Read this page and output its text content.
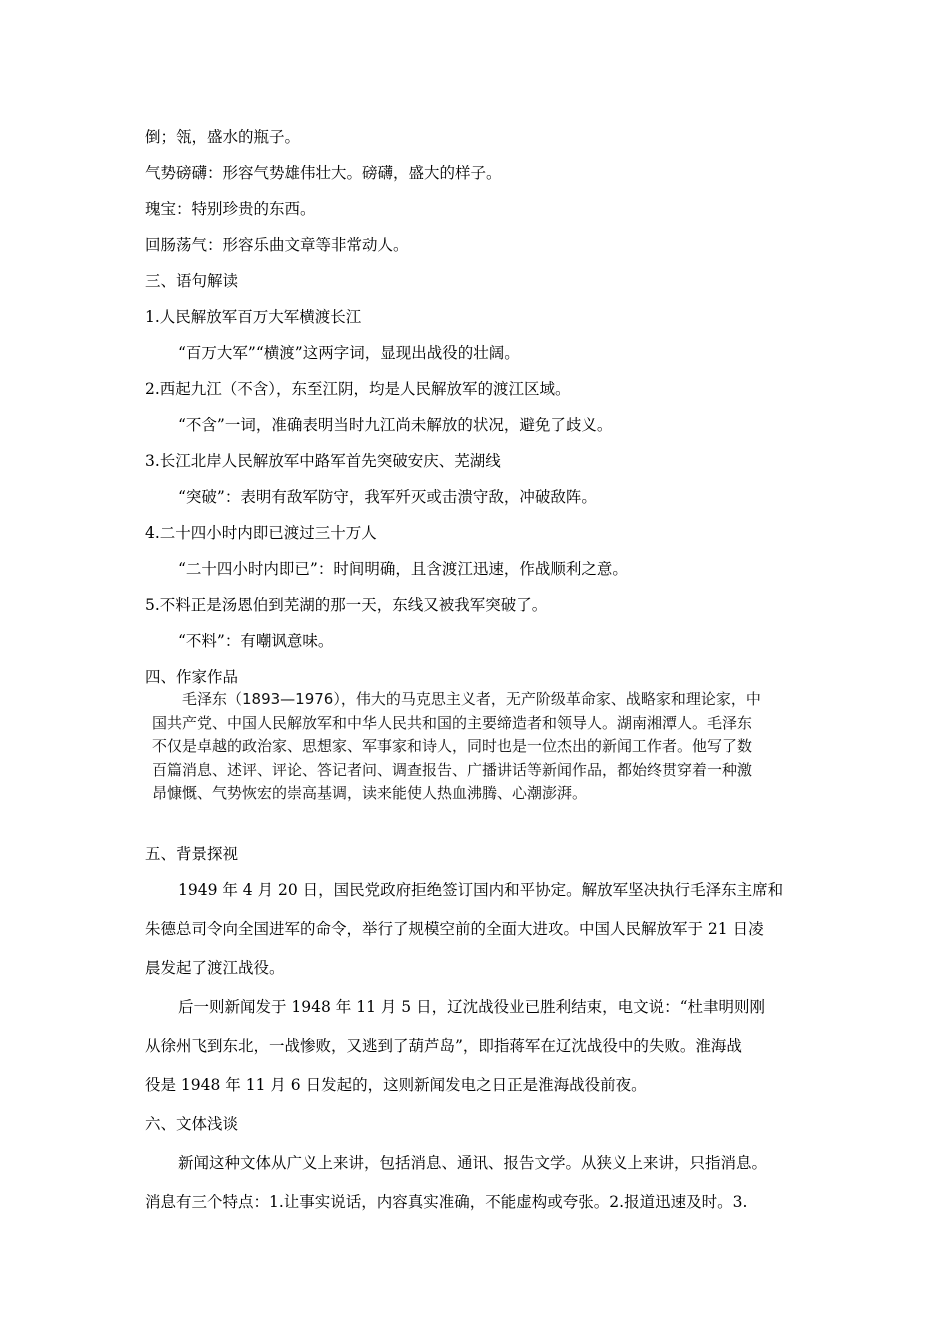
倒；瓴，盛水的瓶子。
气势磅礴：形容气势雄伟壮大。磅礴，盛大的样子。
瑰宝：特别珍贵的东西。
回肠荡气：形容乐曲文章等非常动人。
三、语句解读
1.人民解放军百万大军横渡长江
“百万大军”“横渡”这两字词，显现出战役的壮阔。
2.西起九江（不含），东至江阴，均是人民解放军的渡江区域。
“不含”一词，准确表明当时九江尚未解放的状况，避免了歧义。
3.长江北岸人民解放军中路军首先突破安庆、芜湖线
“突破”：表明有敌军防守，我军歼灭或击溃守敌，冲破敌阵。
4.二十四小时内即已渡过三十万人
“二十四小时内即已”：时间明确，且含渡江迅速，作战顺利之意。
5.不料正是汤恩伯到芜湖的那一天，东线又被我军突破了。
“不料”：有嘲讽意味。
四、作家作品

毛泽东（1893—1976），伟大的马克思主义者，无产阶级革命家、战略家和理论家，中

国共产党、中国人民解放军和中华人民共和国的主要缔造者和领导人。湖南湘潭人。毛泽东

不仅是卓越的政治家、思想家、军事家和诗人，同时也是一位杰出的新闻工作者。他写了数

百篇消息、述评、评论、答记者问、调查报告、广播讲话等新闻作品，都始终贯穿着一种激

昂慷慨、气势恢宏的崇高基调，读来能使人热血沸腾、心潮澎湃。

五、背景探视
1949 年 4 月 20 日，国民党政府拒绝签订国内和平协定。解放军坚决执行毛泽东主席和
朱德总司令向全国进军的命令，举行了规模空前的全面大进攻。中国人民解放军于 21 日凌
晨发起了渡江战役。
后一则新闻发于 1948 年 11 月 5 日，辽沈战役业已胜利结束，电文说：“杜聿明则刚
从徐州飞到东北，一战惨败，又逃到了葫芦岛”，即指蒋军在辽沈战役中的失败。淮海战
役是 1948 年 11 月 6 日发起的，这则新闻发电之日正是淮海战役前夜。
六、文体浅谈
新闻这种文体从广义上来讲，包括消息、通讯、报告文学。从狭义上来讲，只指消息。
消息有三个特点：1.让事实说话，内容真实准确，不能虚构或夸张。2.报道迅速及时。3.
